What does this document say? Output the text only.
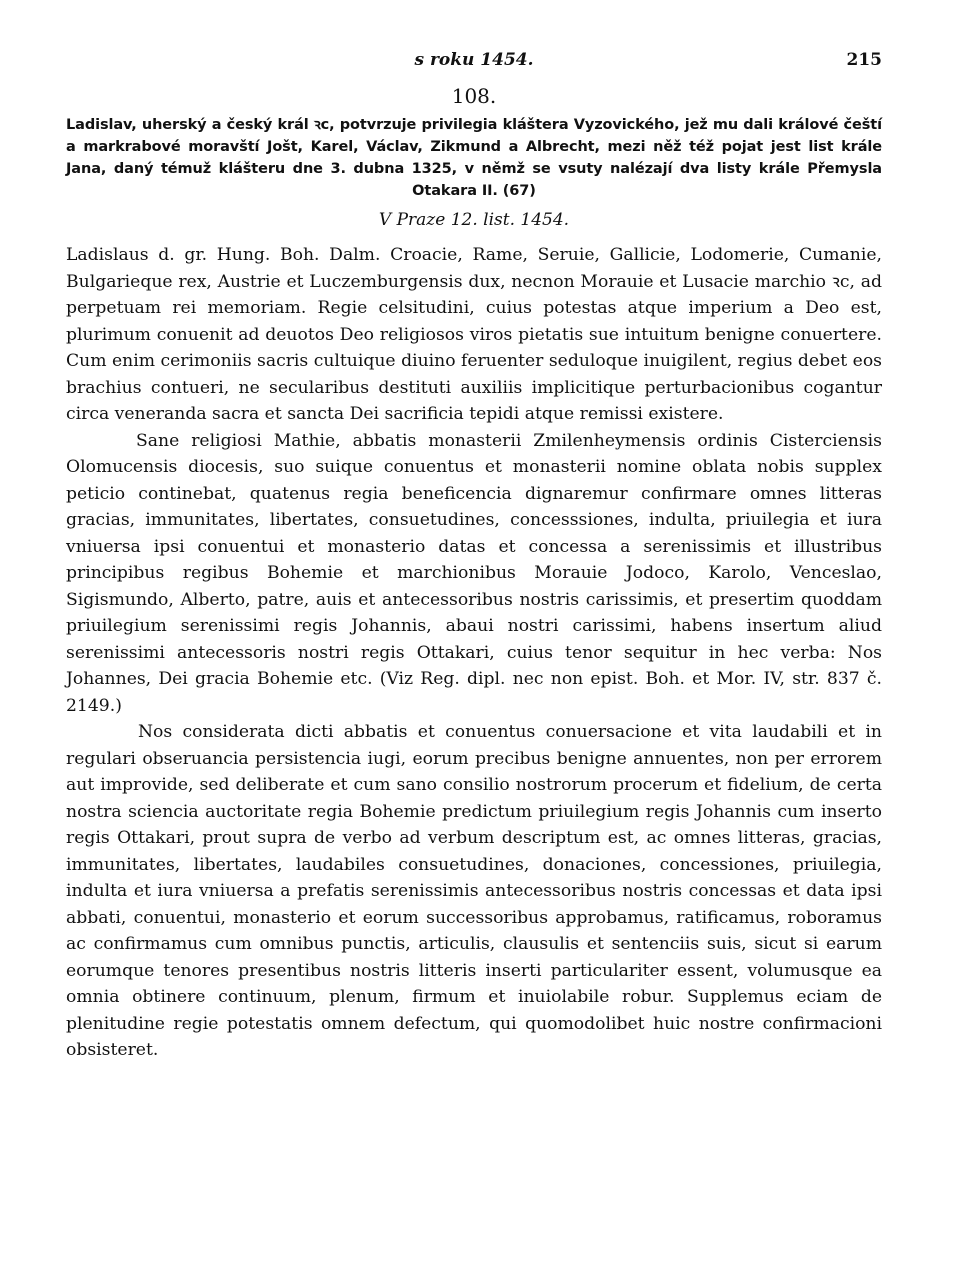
s roku 1454.	215
108.
Ladislav, uherský a český král ꝛc, potvrzuje privilegia kláštera Vyzovického, jež mu dali králové čeští a markrabové moravští Jošt, Karel, Václav, Zikmund a Albrecht, mezi něž též pojat jest list krále Jana, daný témuž klášteru dne 3. dubna 1325, v němž se vsuty nalézají dva listy krále Přemysla Otakara II. (67)
V Praze 12. list. 1454.

Ladislaus d. gr. Hung. Boh. Dalm. Croacie, Rame, Seruie, Gallicie, Lodomerie, Cumanie, Bulgarieque rex, Austrie et Luczemburgensis dux, necnon Morauie et Lusacie marchio ꝛc, ad perpetuam rei memoriam. Regie celsitudini, cuius potestas atque imperium a Deo est, plurimum conuenit ad deuotos Deo religiosos viros pietatis sue intuitum benigne conuertere. Cum enim cerimoniis sacris cultuique diuino feruenter seduloque inuigilent, regius debet eos brachius contueri, ne secularibus destituti auxiliis implicitique perturbacionibus cogantur circa veneranda sacra et sancta Dei sacrificia tepidi atque remissi existere.

Sane religiosi Mathie, abbatis monasterii Zmilenheymensis ordinis Cisterciensis Olomucensis diocesis, suo suique conuentus et monasterii nomine oblata nobis supplex peticio continebat, quatenus regia beneficencia dignaremur confirmare omnes litteras gracias, immunitates, libertates, consuetudines, concesssiones, indulta, priuilegia et iura vniuersa ipsi conuentui et monasterio datas et concessa a serenissimis et illustribus principibus regibus Bohemie et marchionibus Morauie Jodoco, Karolo, Venceslao, Sigismundo, Alberto, patre, auis et antecessoribus nostris carissimis, et presertim quoddam priuilegium serenissimi regis Johannis, abaui nostri carissimi, habens insertum aliud serenissimi antecessoris nostri regis Ottakari, cuius tenor sequitur in hec verba: Nos Johannes, Dei gracia Bohemie etc. (Viz Reg. dipl. nec non epist. Boh. et Mor. IV, str. 837 č. 2149.)

Nos considerata dicti abbatis et conuentus conuersacione et vita laudabili et in regulari obseruancia persistencia iugi, eorum precibus benigne annuentes, non per errorem aut improvide, sed deliberate et cum sano consilio nostrorum procerum et fidelium, de certa nostra sciencia auctoritate regia Bohemie predictum priuilegium regis Johannis cum inserto regis Ottakari, prout supra de verbo ad verbum descriptum est, ac omnes litteras, gracias, immunitates, libertates, laudabiles consuetudines, donaciones, concessiones, priuilegia, indulta et iura vniuersa a prefatis serenissimis antecessoribus nostris concessas et data ipsi abbati, conuentui, monasterio et eorum successoribus approbamus, ratificamus, roboramus ac confirmamus cum omnibus punctis, articulis, clausulis et sentenciis suis, sicut si earum eorumque tenores presentibus nostris litteris inserti particulariter essent, volumusque ea omnia obtinere continuum, plenum, firmum et inuiolabile robur. Supplemus eciam de plenitudine regie potestatis omnem defectum, qui quomodolibet huic nostre confirmacioni obsisteret.
